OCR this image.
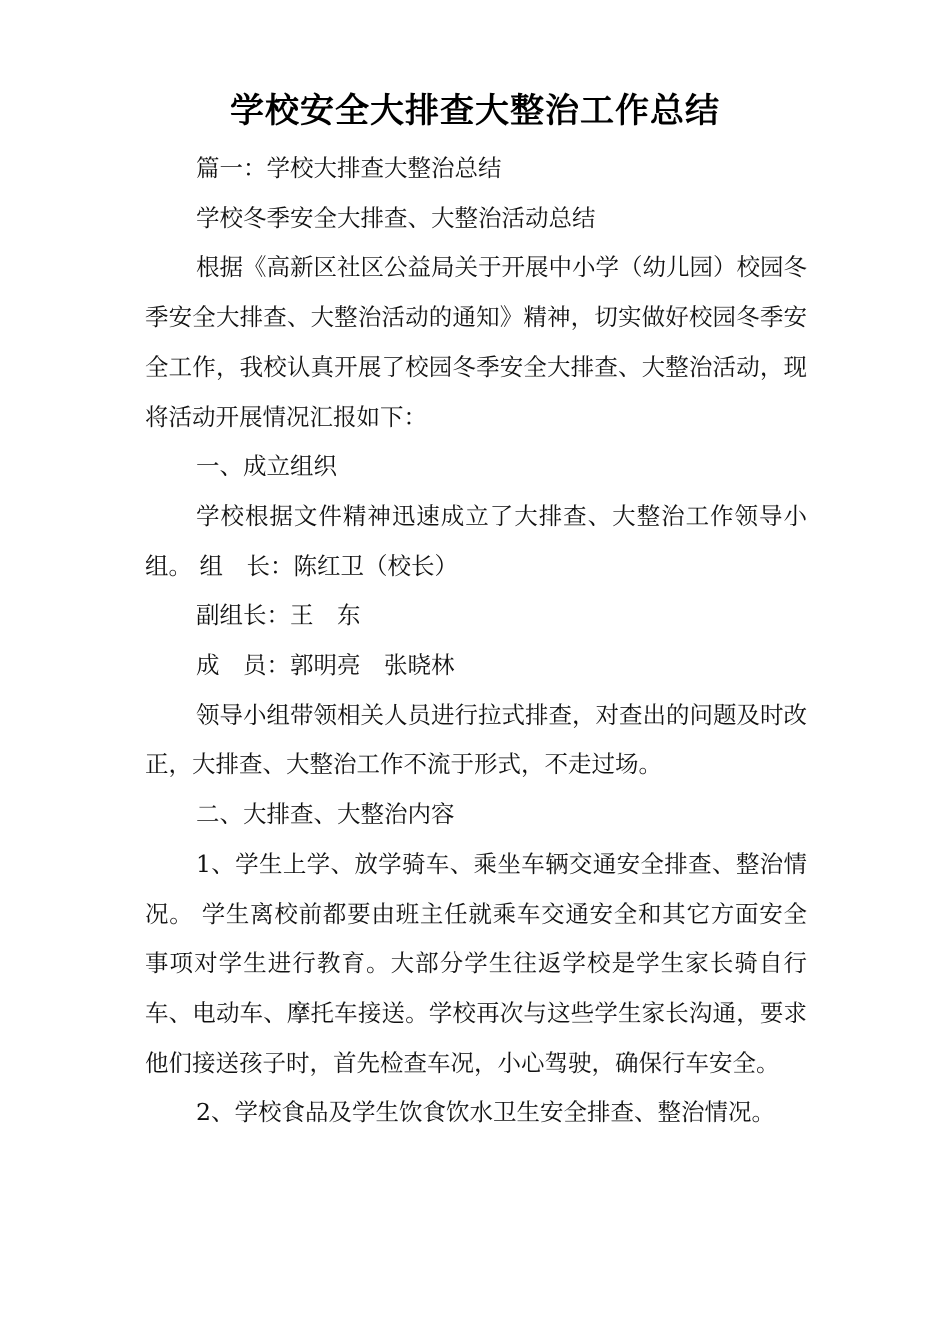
学校安全大排查大整治工作总结

篇一：学校大排查大整治总结

学校冬季安全大排查、大整治活动总结

根据《高新区社区公益局关于开展中小学（幼儿园）校园冬季安全大排查、大整治活动的通知》精神，切实做好校园冬季安全工作，我校认真开展了校园冬季安全大排查、大整治活动，现将活动开展情况汇报如下：

一、成立组织

学校根据文件精神迅速成立了大排查、大整治工作领导小组。 组　长：陈红卫（校长）

副组长：王　东

成　员：郭明亮　张晓林

领导小组带领相关人员进行拉式排查，对查出的问题及时改正，大排查、大整治工作不流于形式，不走过场。

二、大排查、大整治内容

1、学生上学、放学骑车、乘坐车辆交通安全排查、整治情况。 学生离校前都要由班主任就乘车交通安全和其它方面安全事项对学生进行教育。大部分学生往返学校是学生家长骑自行车、电动车、摩托车接送。学校再次与这些学生家长沟通，要求他们接送孩子时，首先检查车况，小心驾驶，确保行车安全。

2、学校食品及学生饮食饮水卫生安全排查、整治情况。
